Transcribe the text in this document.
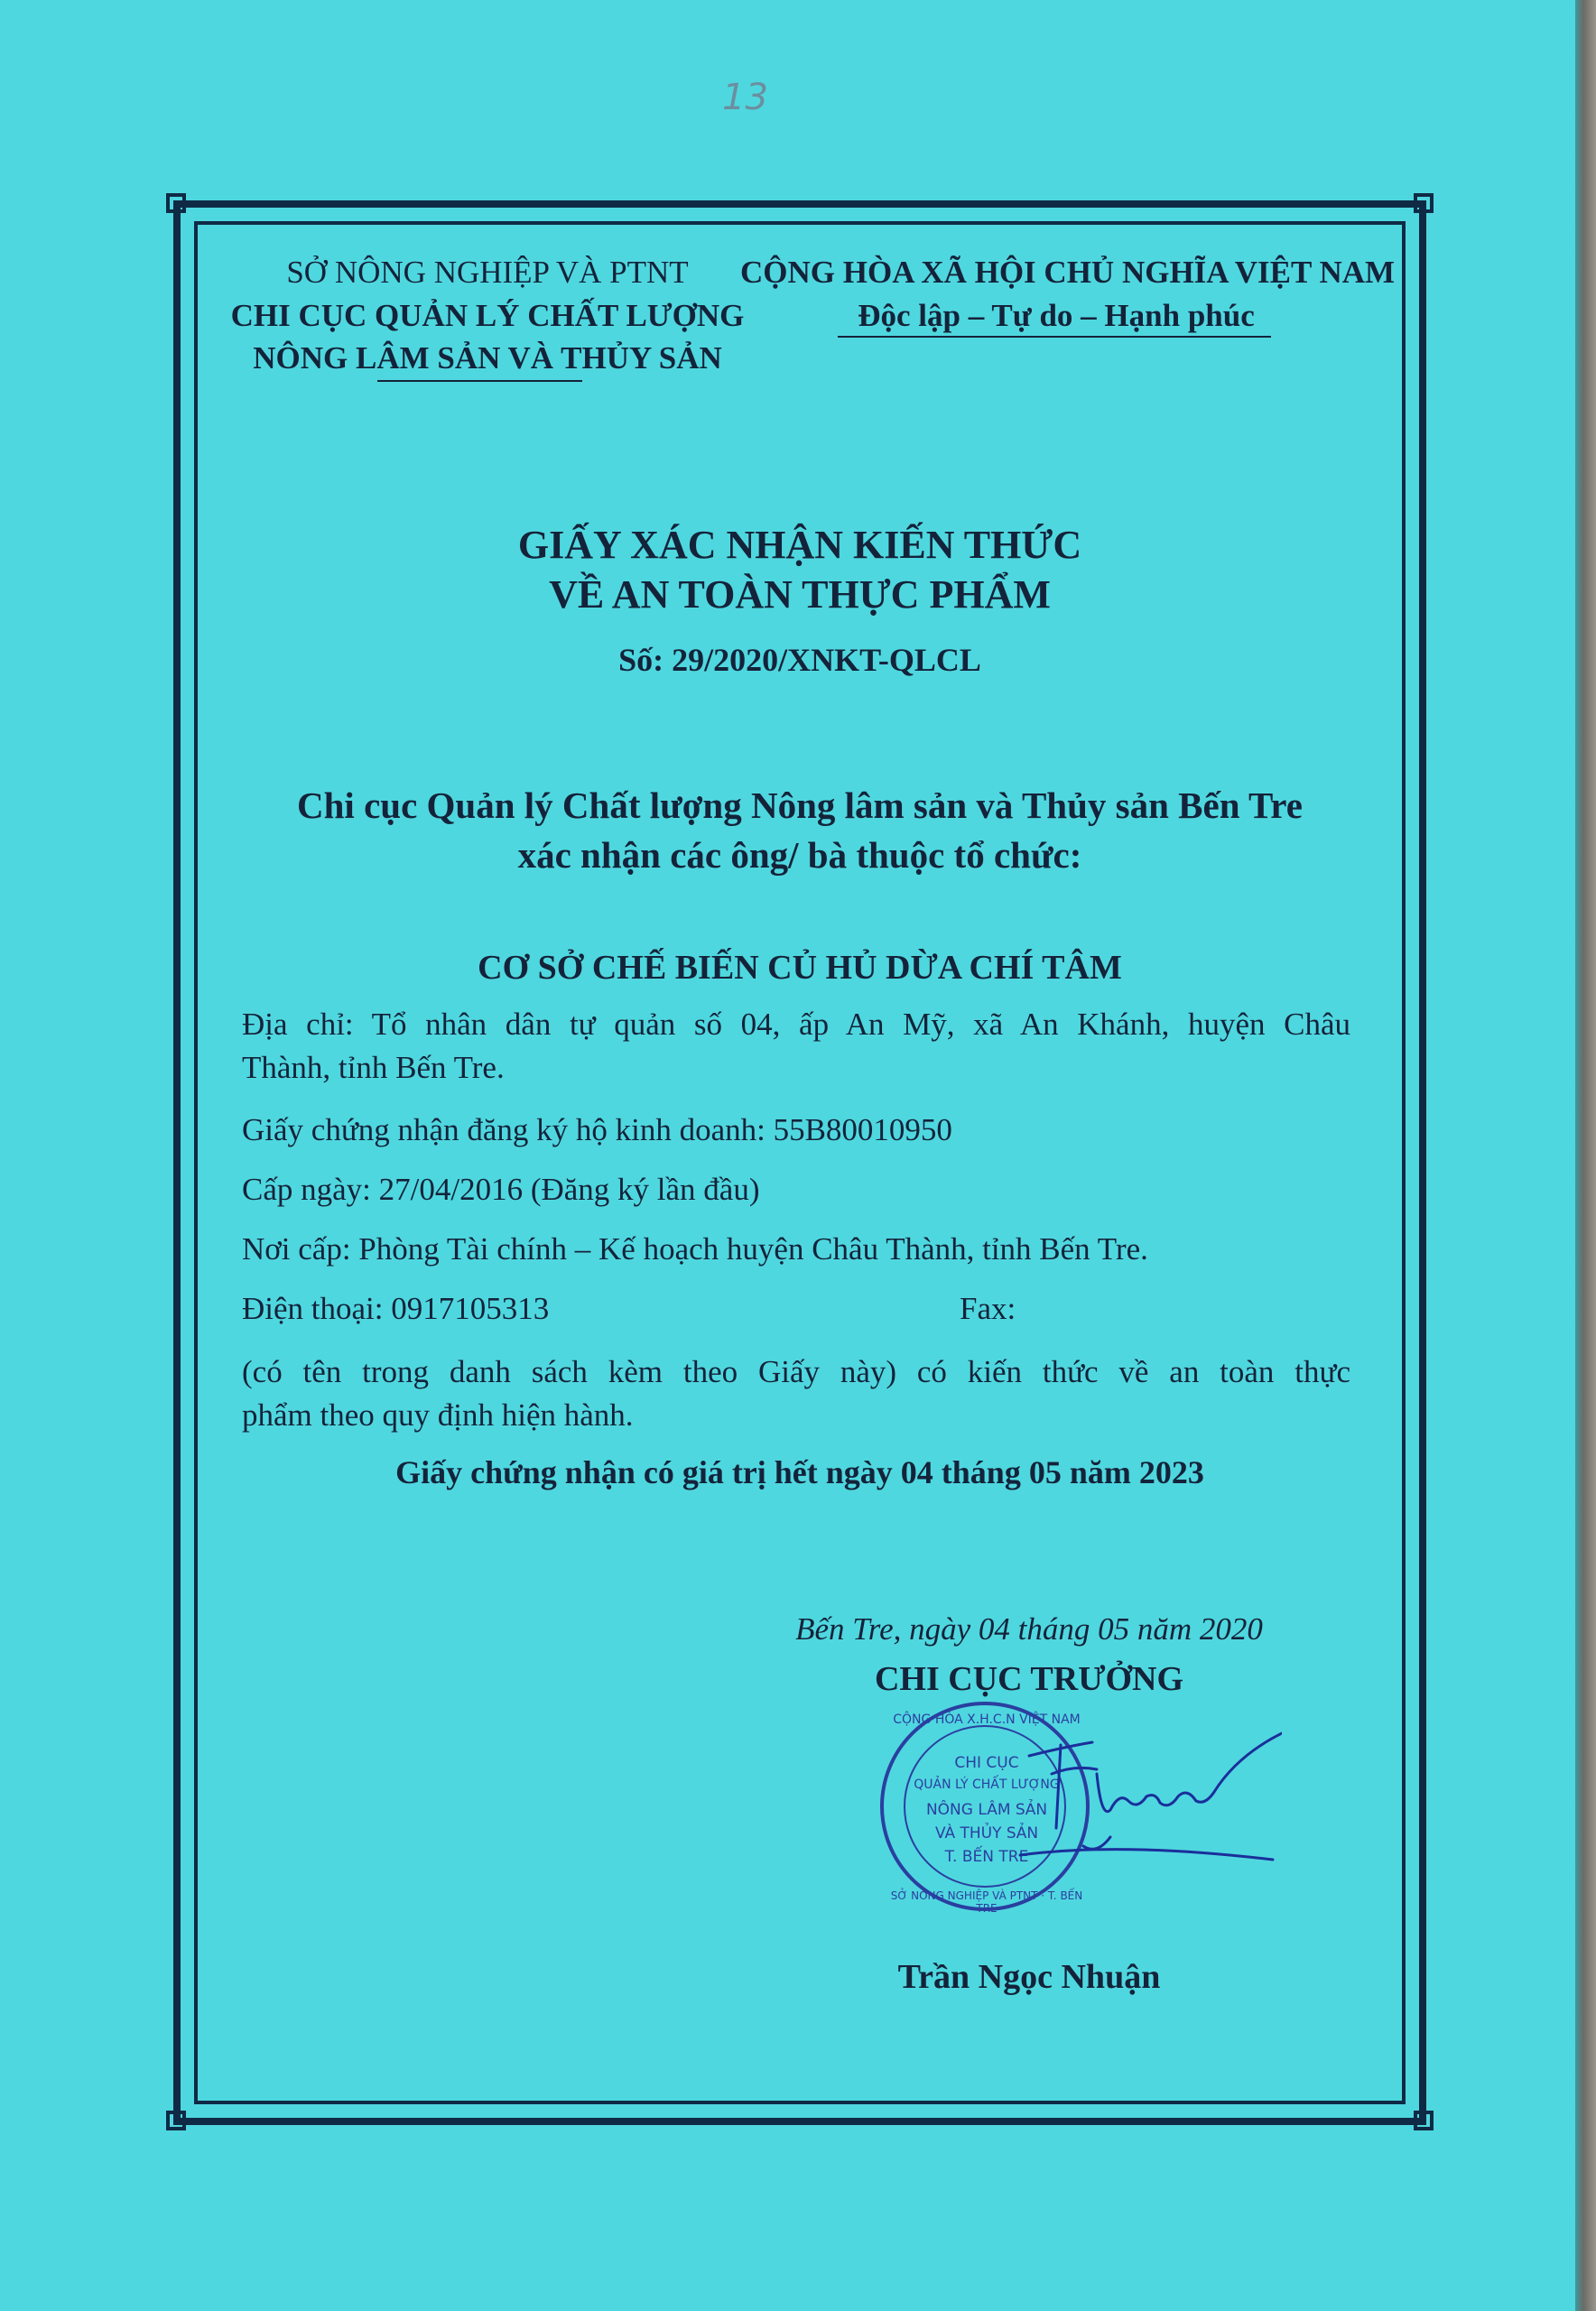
13
SỞ NÔNG NGHIỆP VÀ PTNT
CHI CỤC QUẢN LÝ CHẤT LƯỢNG
NÔNG LÂM SẢN VÀ THỦY SẢN
CỘNG HÒA XÃ HỘI CHỦ NGHĨA VIỆT NAM
Độc lập – Tự do – Hạnh phúc
GIẤY XÁC NHẬN KIẾN THỨC
VỀ AN TOÀN THỰC PHẨM
Số: 29/2020/XNKT-QLCL
Chi cục Quản lý Chất lượng Nông lâm sản và Thủy sản Bến Tre
xác nhận các ông/ bà thuộc tổ chức:
CƠ SỞ CHẾ BIẾN CỦ HỦ DỪA CHÍ TÂM
Địa chỉ: Tổ nhân dân tự quản số 04, ấp An Mỹ, xã An Khánh, huyện Châu
Thành, tỉnh Bến Tre.
Giấy chứng nhận đăng ký hộ kinh doanh: 55B80010950
Cấp ngày: 27/04/2016 (Đăng ký lần đầu)
Nơi cấp: Phòng Tài chính – Kế hoạch huyện Châu Thành, tỉnh Bến Tre.
Điện thoại: 0917105313	Fax:
(có tên trong danh sách kèm theo Giấy này) có kiến thức về an toàn thực
phẩm theo quy định hiện hành.
Giấy chứng nhận có giá trị hết ngày 04 tháng 05 năm 2023
Bến Tre, ngày 04 tháng 05 năm 2020
CHI CỤC TRƯỞNG
CỘNG HÒA X.H.C.N VIỆT NAM
CHI CỤC
QUẢN LÝ CHẤT LƯỢNG
NÔNG LÂM SẢN
VÀ THỦY SẢN
T. BẾN TRE
SỞ NÔNG NGHIỆP VÀ PTNT · T. BẾN TRE
Trần Ngọc Nhuận
